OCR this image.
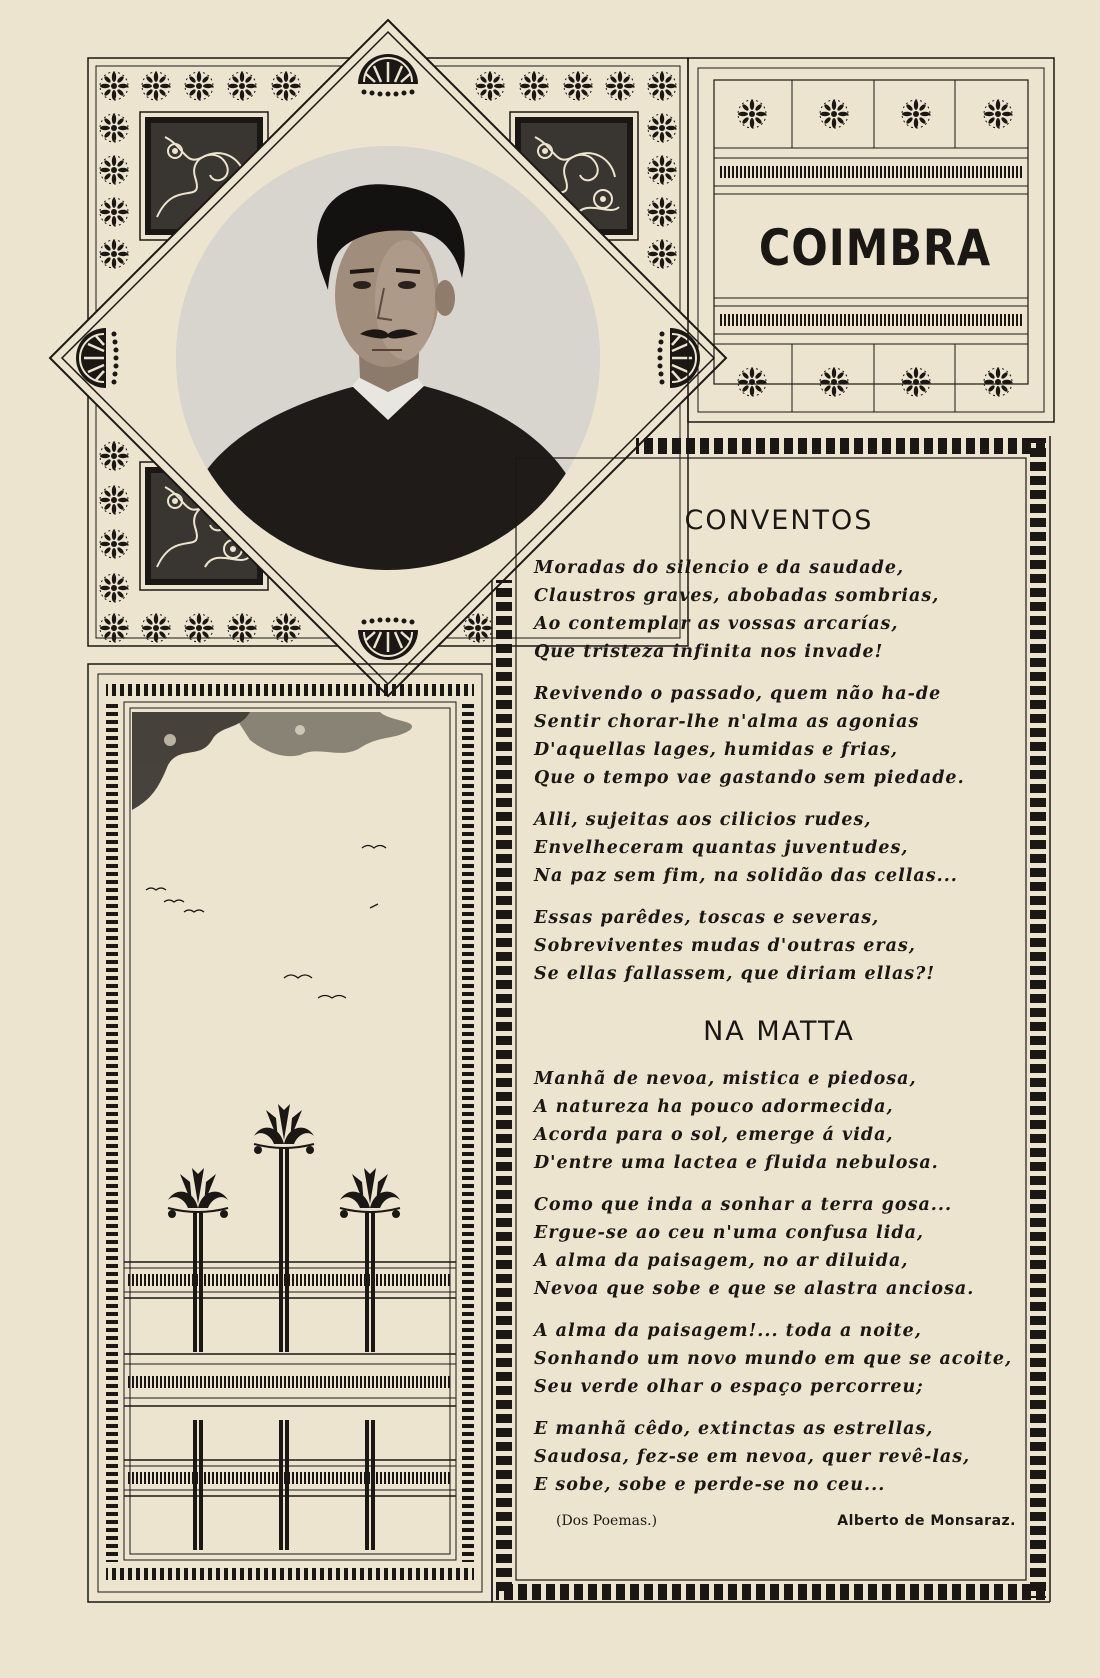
COIMBRA
CONVENTOS
Moradas do silencio e da saudade,
Claustros graves, abobadas sombrias,
Ao contemplar as vossas arcarías,
Que tristeza infinita nos invade!
Revivendo o passado, quem não ha-de
Sentir chorar-lhe n'alma as agonias
D'aquellas lages, humidas e frias,
Que o tempo vae gastando sem piedade.
Alli, sujeitas aos cilicios rudes,
Envelheceram quantas juventudes,
Na paz sem fim, na solidão das cellas...
Essas parêdes, toscas e severas,
Sobreviventes mudas d'outras eras,
Se ellas fallassem, que diriam ellas?!
NA MATTA
Manhã de nevoa, mistica e piedosa,
A natureza ha pouco adormecida,
Acorda para o sol, emerge á vida,
D'entre uma lactea e fluida nebulosa.
Como que inda a sonhar a terra gosa...
Ergue-se ao ceu n'uma confusa lida,
A alma da paisagem, no ar diluida,
Nevoa que sobe e que se alastra anciosa.
A alma da paisagem!... toda a noite,
Sonhando um novo mundo em que se acoite,
Seu verde olhar o espaço percorreu;
E manhã cêdo, extinctas as estrellas,
Saudosa, fez-se em nevoa, quer revê-las,
E sobe, sobe e perde-se no ceu...
(Dos Poemas.)	Alberto de Monsaraz.
